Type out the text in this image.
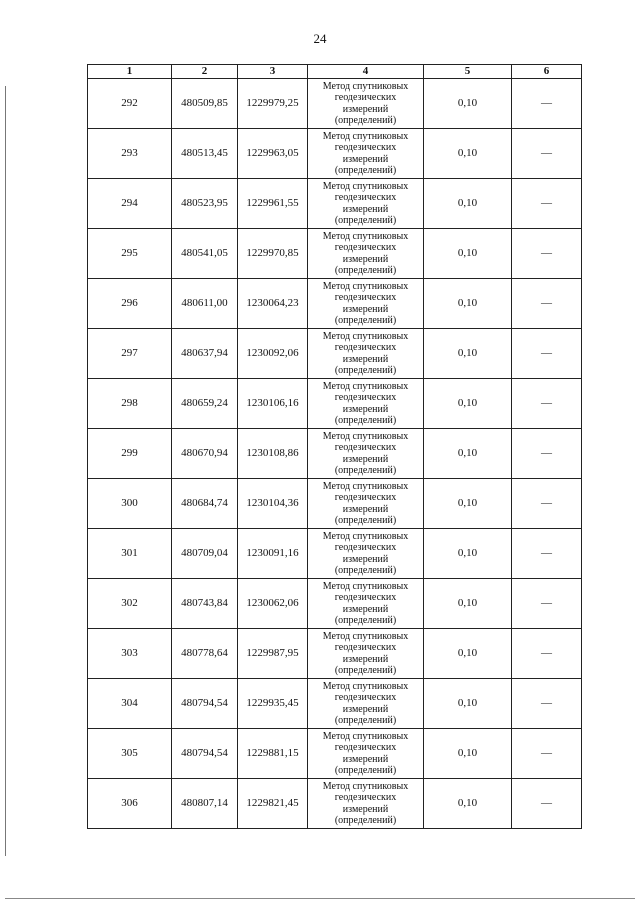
24
1	2	3	4	5	6
292	480509,85	1229979,25	Метод спутниковых
геодезических
измерений
(определений)	0,10	—
293	480513,45	1229963,05	Метод спутниковых
геодезических
измерений
(определений)	0,10	—
294	480523,95	1229961,55	Метод спутниковых
геодезических
измерений
(определений)	0,10	—
295	480541,05	1229970,85	Метод спутниковых
геодезических
измерений
(определений)	0,10	—
296	480611,00	1230064,23	Метод спутниковых
геодезических
измерений
(определений)	0,10	—
297	480637,94	1230092,06	Метод спутниковых
геодезических
измерений
(определений)	0,10	—
298	480659,24	1230106,16	Метод спутниковых
геодезических
измерений
(определений)	0,10	—
299	480670,94	1230108,86	Метод спутниковых
геодезических
измерений
(определений)	0,10	—
300	480684,74	1230104,36	Метод спутниковых
геодезических
измерений
(определений)	0,10	—
301	480709,04	1230091,16	Метод спутниковых
геодезических
измерений
(определений)	0,10	—
302	480743,84	1230062,06	Метод спутниковых
геодезических
измерений
(определений)	0,10	—
303	480778,64	1229987,95	Метод спутниковых
геодезических
измерений
(определений)	0,10	—
304	480794,54	1229935,45	Метод спутниковых
геодезических
измерений
(определений)	0,10	—
305	480794,54	1229881,15	Метод спутниковых
геодезических
измерений
(определений)	0,10	—
306	480807,14	1229821,45	Метод спутниковых
геодезических
измерений
(определений)	0,10	—
